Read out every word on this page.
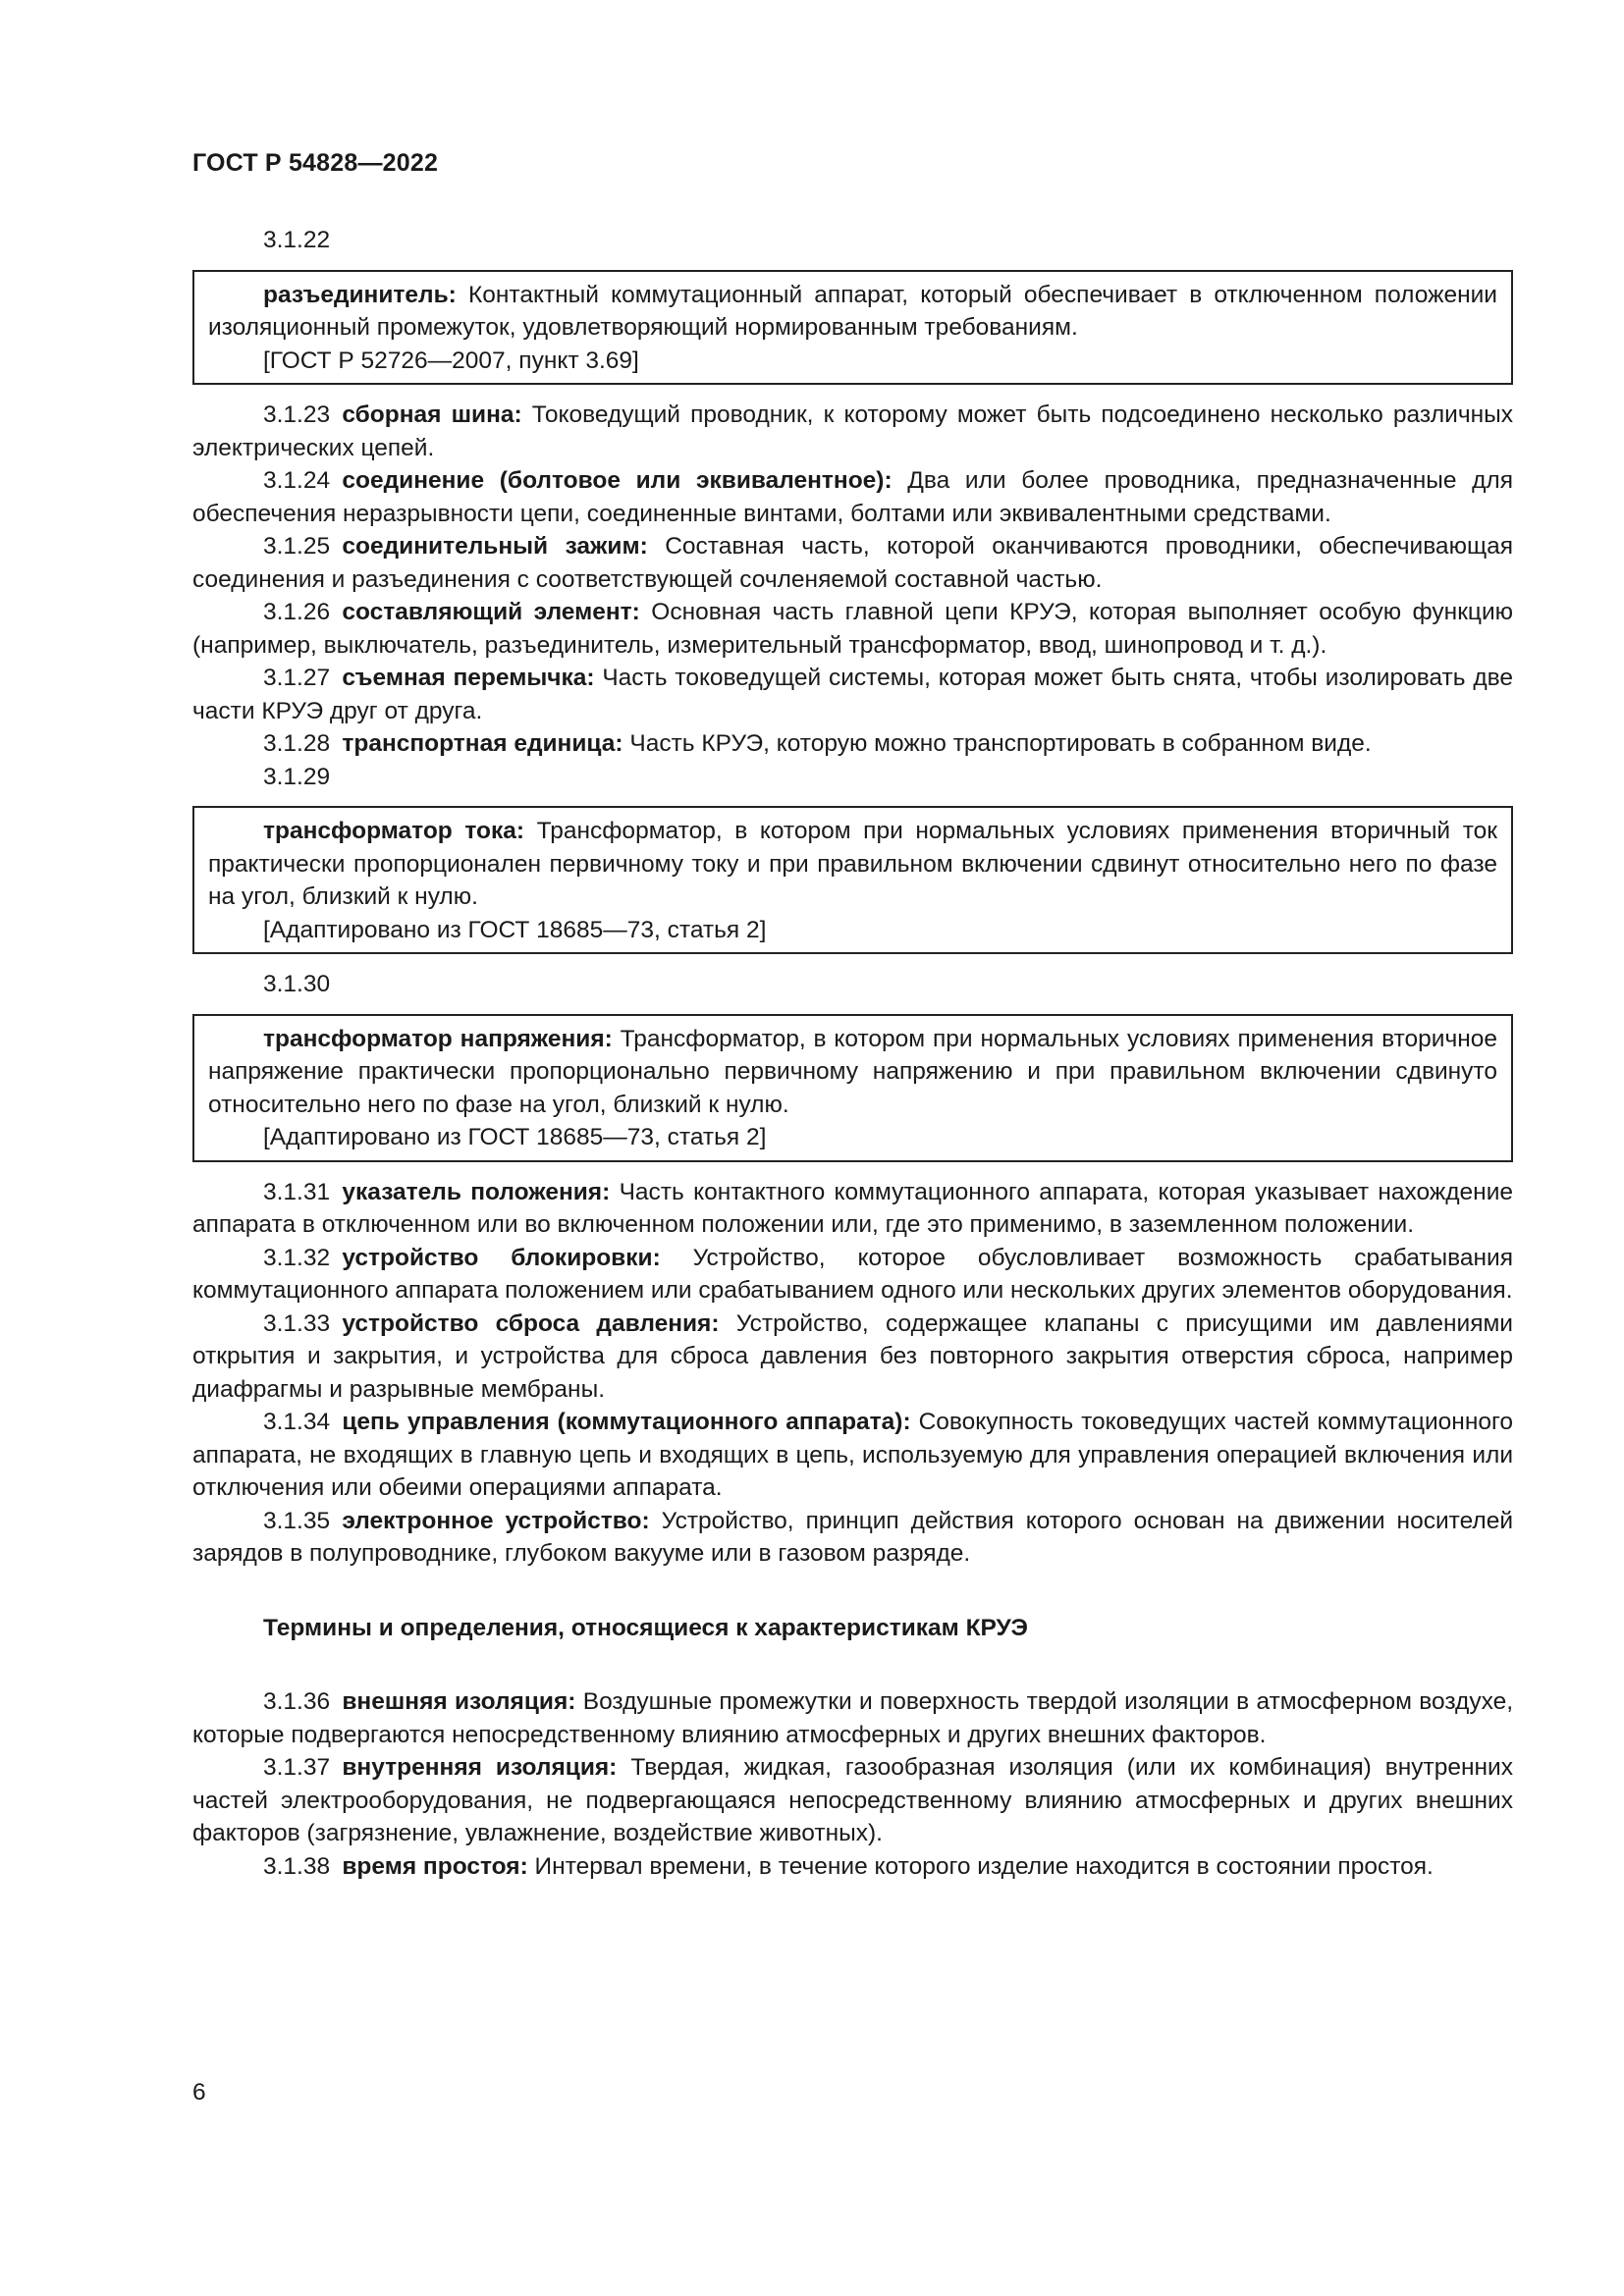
ГОСТ Р 54828—2022

3.1.22

разъединитель: Контактный коммутационный аппарат, который обеспечивает в отключенном положении изоляционный промежуток, удовлетворяющий нормированным требованиям.

[ГОСТ Р 52726—2007, пункт 3.69]

3.1.23  сборная шина: Токоведущий проводник, к которому может быть подсоединено несколько различных электрических цепей.

3.1.24  соединение (болтовое или эквивалентное): Два или более проводника, предназначенные для обеспечения неразрывности цепи, соединенные винтами, болтами или эквивалентными средствами.

3.1.25  соединительный зажим: Составная часть, которой оканчиваются проводники, обеспечивающая соединения и разъединения с соответствующей сочленяемой составной частью.

3.1.26  составляющий элемент: Основная часть главной цепи КРУЭ, которая выполняет особую функцию (например, выключатель, разъединитель, измерительный трансформатор, ввод, шинопровод и т. д.).

3.1.27  съемная перемычка: Часть токоведущей системы, которая может быть снята, чтобы изолировать две части КРУЭ друг от друга.

3.1.28  транспортная единица: Часть КРУЭ, которую можно транспортировать в собранном виде.

3.1.29

трансформатор тока: Трансформатор, в котором при нормальных условиях применения вторичный ток практически пропорционален первичному току и при правильном включении сдвинут относительно него по фазе на угол, близкий к нулю.

[Адаптировано из ГОСТ 18685—73, статья 2]

3.1.30

трансформатор напряжения: Трансформатор, в котором при нормальных условиях применения вторичное напряжение практически пропорционально первичному напряжению и при правильном включении сдвинуто относительно него по фазе на угол, близкий к нулю.

[Адаптировано из ГОСТ 18685—73, статья 2]

3.1.31  указатель положения: Часть контактного коммутационного аппарата, которая указывает нахождение аппарата в отключенном или во включенном положении или, где это применимо, в заземленном положении.

3.1.32  устройство блокировки: Устройство, которое обусловливает возможность срабатывания коммутационного аппарата положением или срабатыванием одного или нескольких других элементов оборудования.

3.1.33  устройство сброса давления: Устройство, содержащее клапаны с присущими им давлениями открытия и закрытия, и устройства для сброса давления без повторного закрытия отверстия сброса, например диафрагмы и разрывные мембраны.

3.1.34  цепь управления (коммутационного аппарата): Совокупность токоведущих частей коммутационного аппарата, не входящих в главную цепь и входящих в цепь, используемую для управления операцией включения или отключения или обеими операциями аппарата.

3.1.35  электронное устройство: Устройство, принцип действия которого основан на движении носителей зарядов в полупроводнике, глубоком вакууме или в газовом разряде.

Термины и определения, относящиеся к характеристикам КРУЭ

3.1.36  внешняя изоляция: Воздушные промежутки и поверхность твердой изоляции в атмосферном воздухе, которые подвергаются непосредственному влиянию атмосферных и других внешних факторов.

3.1.37  внутренняя изоляция: Твердая, жидкая, газообразная изоляция (или их комбинация) внутренних частей электрооборудования, не подвергающаяся непосредственному влиянию атмосферных и других внешних факторов (загрязнение, увлажнение, воздействие животных).

3.1.38  время простоя: Интервал времени, в течение которого изделие находится в состоянии простоя.

6
